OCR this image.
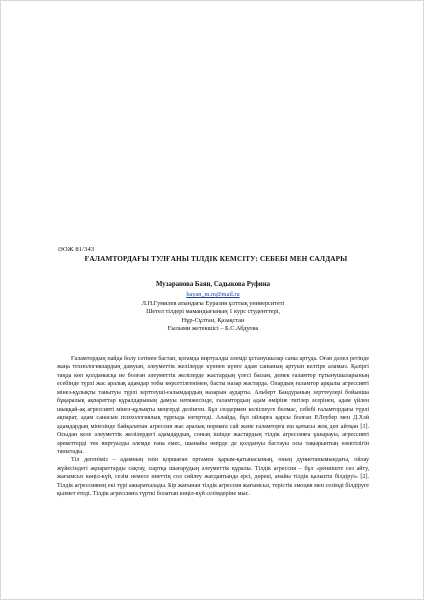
ӘОЖ 81/343
ҒАЛАМТОРДАҒЫ ТУЛҒАНЫ ТІЛДІК КЕМСІТУ: СЕБЕБІ МЕН САЛДАРЫ
Музаранова Баян, Садыкова Руфина
bayan_m.m@mail.ru
Л.Н.Гумилев атындағы Еуразия ұлттық университеті
Шетел тілдері мамандығының 1 курс студенттері,
Нұр-Сұлтан, Қазақстан
Ғылыми жетекшісі – Б.С.Абдуова

Ғаламтордың пайда болу сәтінен бастап, қоғамда виртуалды әлемді ұстанушылар саны артуда. Оған дәлел ретінде жаңа технологиялардың дамуын, әлеуметтік желілерде күннен күнге адам санының артуын келтіре аламыз. Қазіргі таңда көп қолданысқа ие болған әлеуметтік желілерде жастардың үлесі басым, демек ғаламтор тұтынушыларының есебінде түрлі жас аралық адамдар тобы көрсетілгенімен, басты назар жастарда. Олардың ғаламтор арқылы агрессивті мінез-құлықты танытуы түрлі зерттеуші-ғалымдардың назарын аударты. Альберт Бандураның зерттеулері бойынша бұқаралық ақпараттар құралдарының дамуы нәтижесінде, ғаламтордың адам өміріне тигізер әсерінен, адам үйлен шыққай-ақ агрессивті мінез-құлықты меңгерді делінген. Бұл сөздермен келіспеуге болмас, себебі ғаламтордағы түрлі ақпарат, адам санасын психологиялық тұрғыда өзгертеді. Алайда, бұл ойларға қарсы болған Р.Лоубер мен Д.Хэй адамдардың мінезінде байқалатын агрессия жас аралық нормаға сай және ғаламторға еш қатысы жоқ деп айтқан [1]. Осыдан келе әлеуметтік желілердегі адамдардың, соның ішінде жастардың тілдік агрессияға ұшырауы, агрессивті әрекеттерді тек виртуалды әлемде ғана емес, шынайы өмірде де қолдануы бастауы осы тақырыптың өзектілігін танытады.

Тіл дегеніміз – адамның өзін қоршаған ортамен қарым-қатынасының, оның дүниетанымындағы, ойлау жүйесіндегі ақпараттарды сақтау, сыртқа шығарудың әлеуметтік құралы. Тілдік агрессия – бұл «рениіште сөз айту, жағымсыз көңіл-күй, сезім немесе ниеттің сол сөйлеу жағдаятында ерсі, дөрекі, анайы тілдік қалыпта білдіруі» [2]. Тілдік агрессиянең екі түрі ажыратылады. Бір жағынан тілдік агрессия жағымсыз, терістік эмоция мен сезімді білдіруге қызмет етеді. Тілдік агрессияға түрткі болатын көңіл-күй сезімдеріне мыс.
